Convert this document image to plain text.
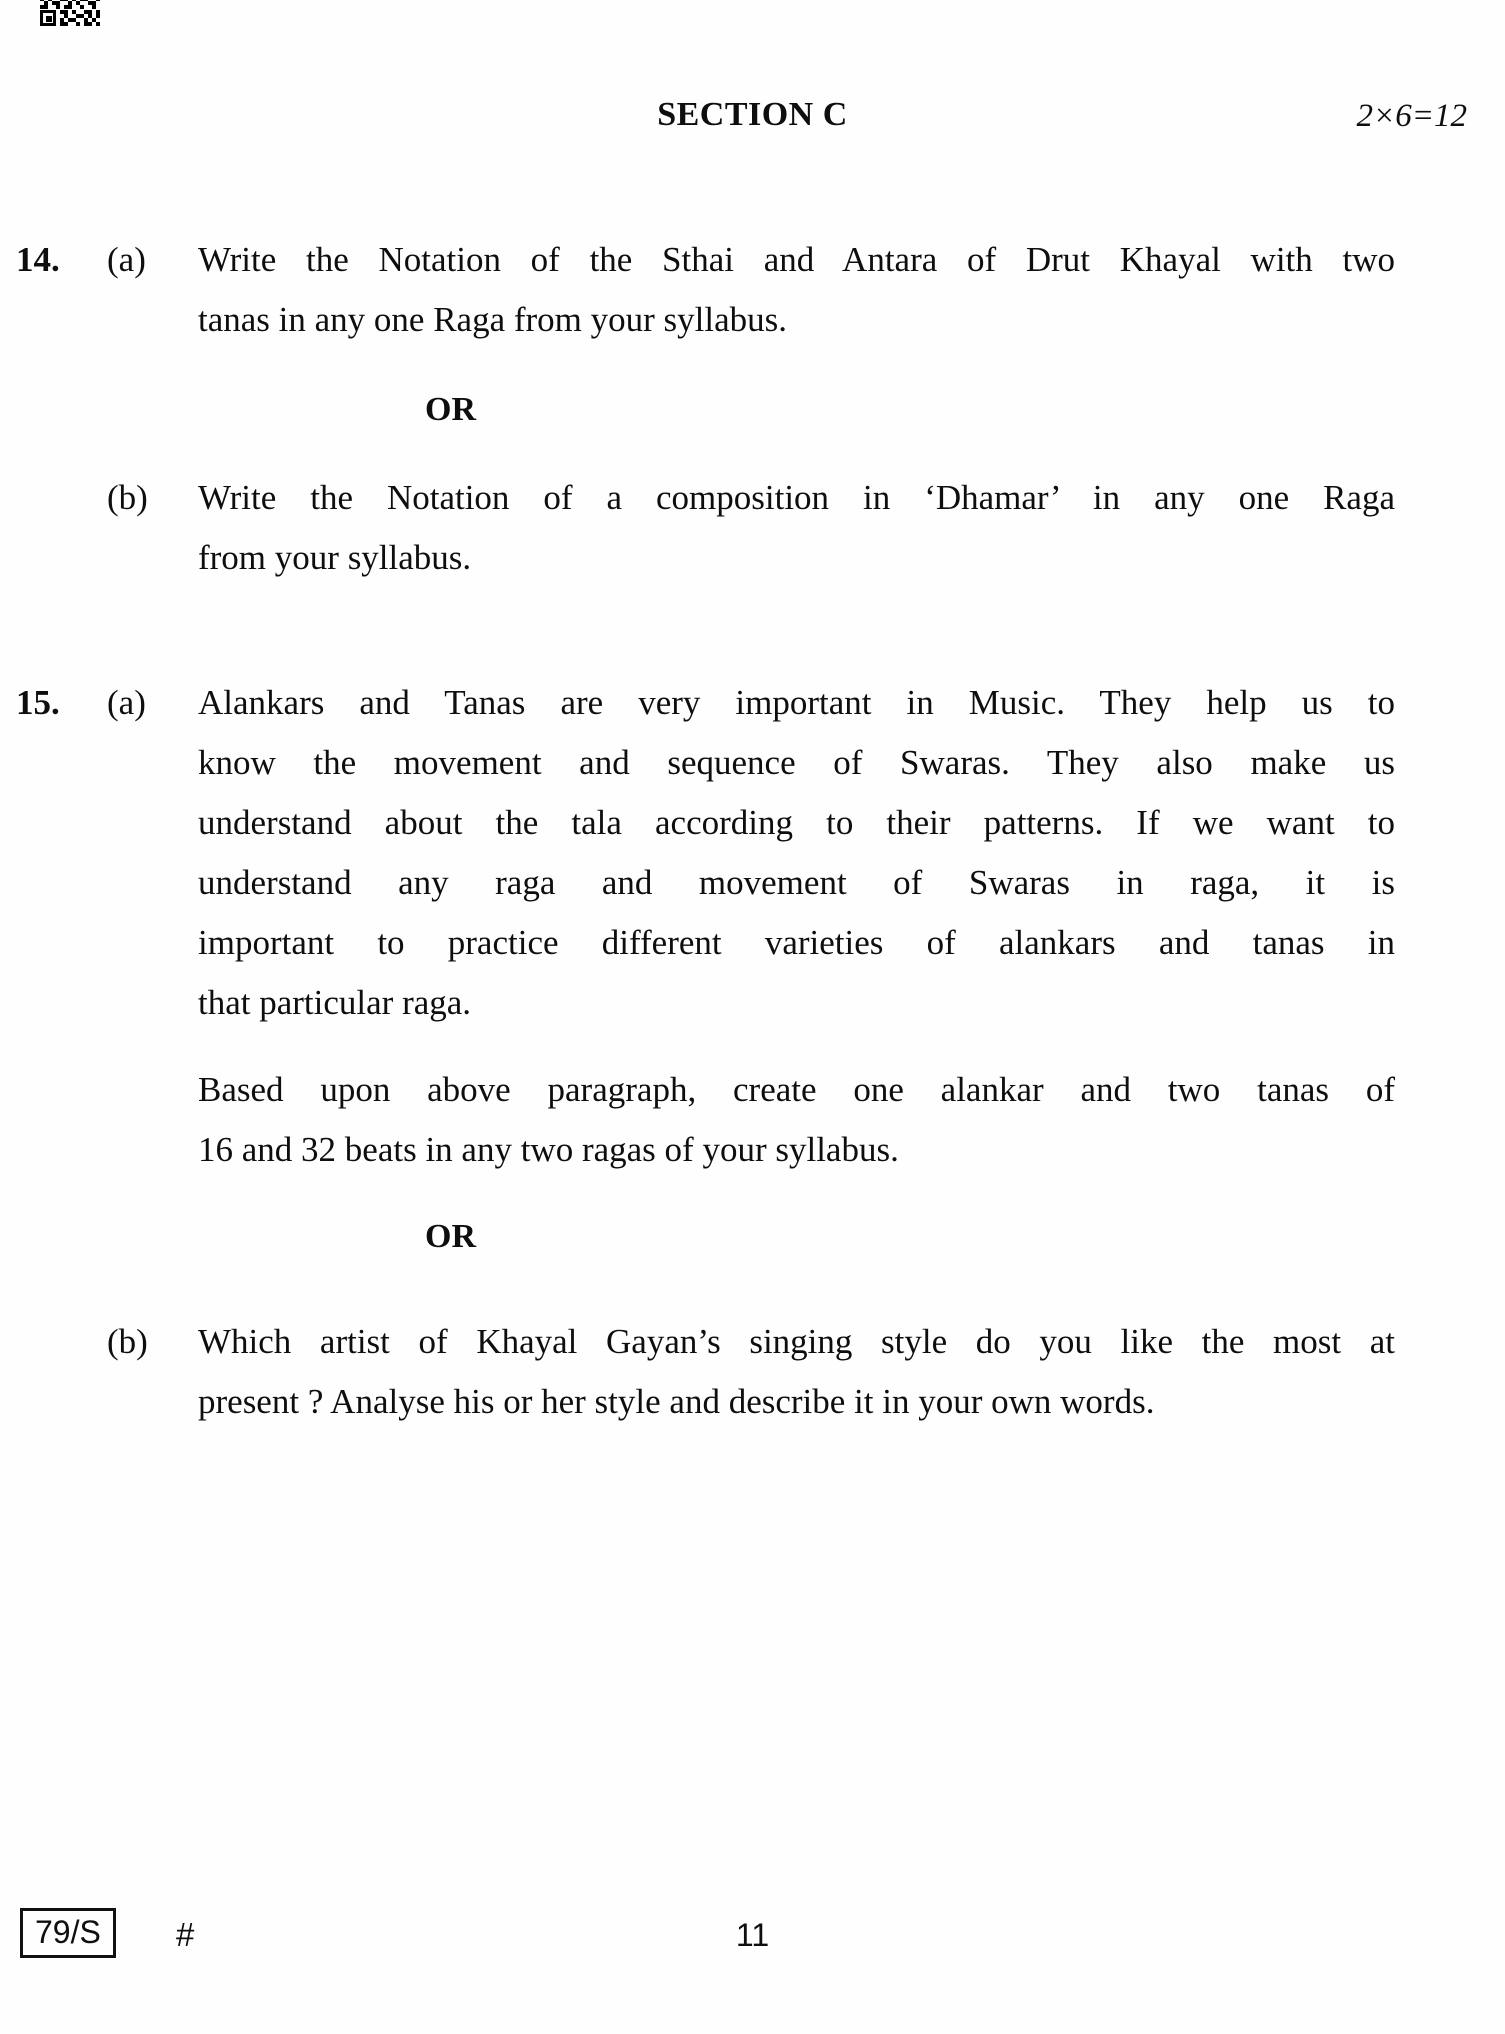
SECTION C	2×6=12
14.	(a)	Write the Notation of the Sthai and Antara of Drut Khayal with two
tanas in any one Raga from your syllabus.
OR
(b)	Write the Notation of a composition in ‘Dhamar’ in any one Raga
from your syllabus.
15.	(a)	Alankars and Tanas are very important in Music. They help us to
know the movement and sequence of Swaras. They also make us
understand about the tala according to their patterns. If we want to
understand any raga and movement of Swaras in raga, it is
important to practice different varieties of alankars and tanas in
that particular raga.
Based upon above paragraph, create one alankar and two tanas of
16 and 32 beats in any two ragas of your syllabus.
OR
(b)	Which artist of Khayal Gayan’s singing style do you like the most at
present ? Analyse his or her style and describe it in your own words.
79/S	#	11
